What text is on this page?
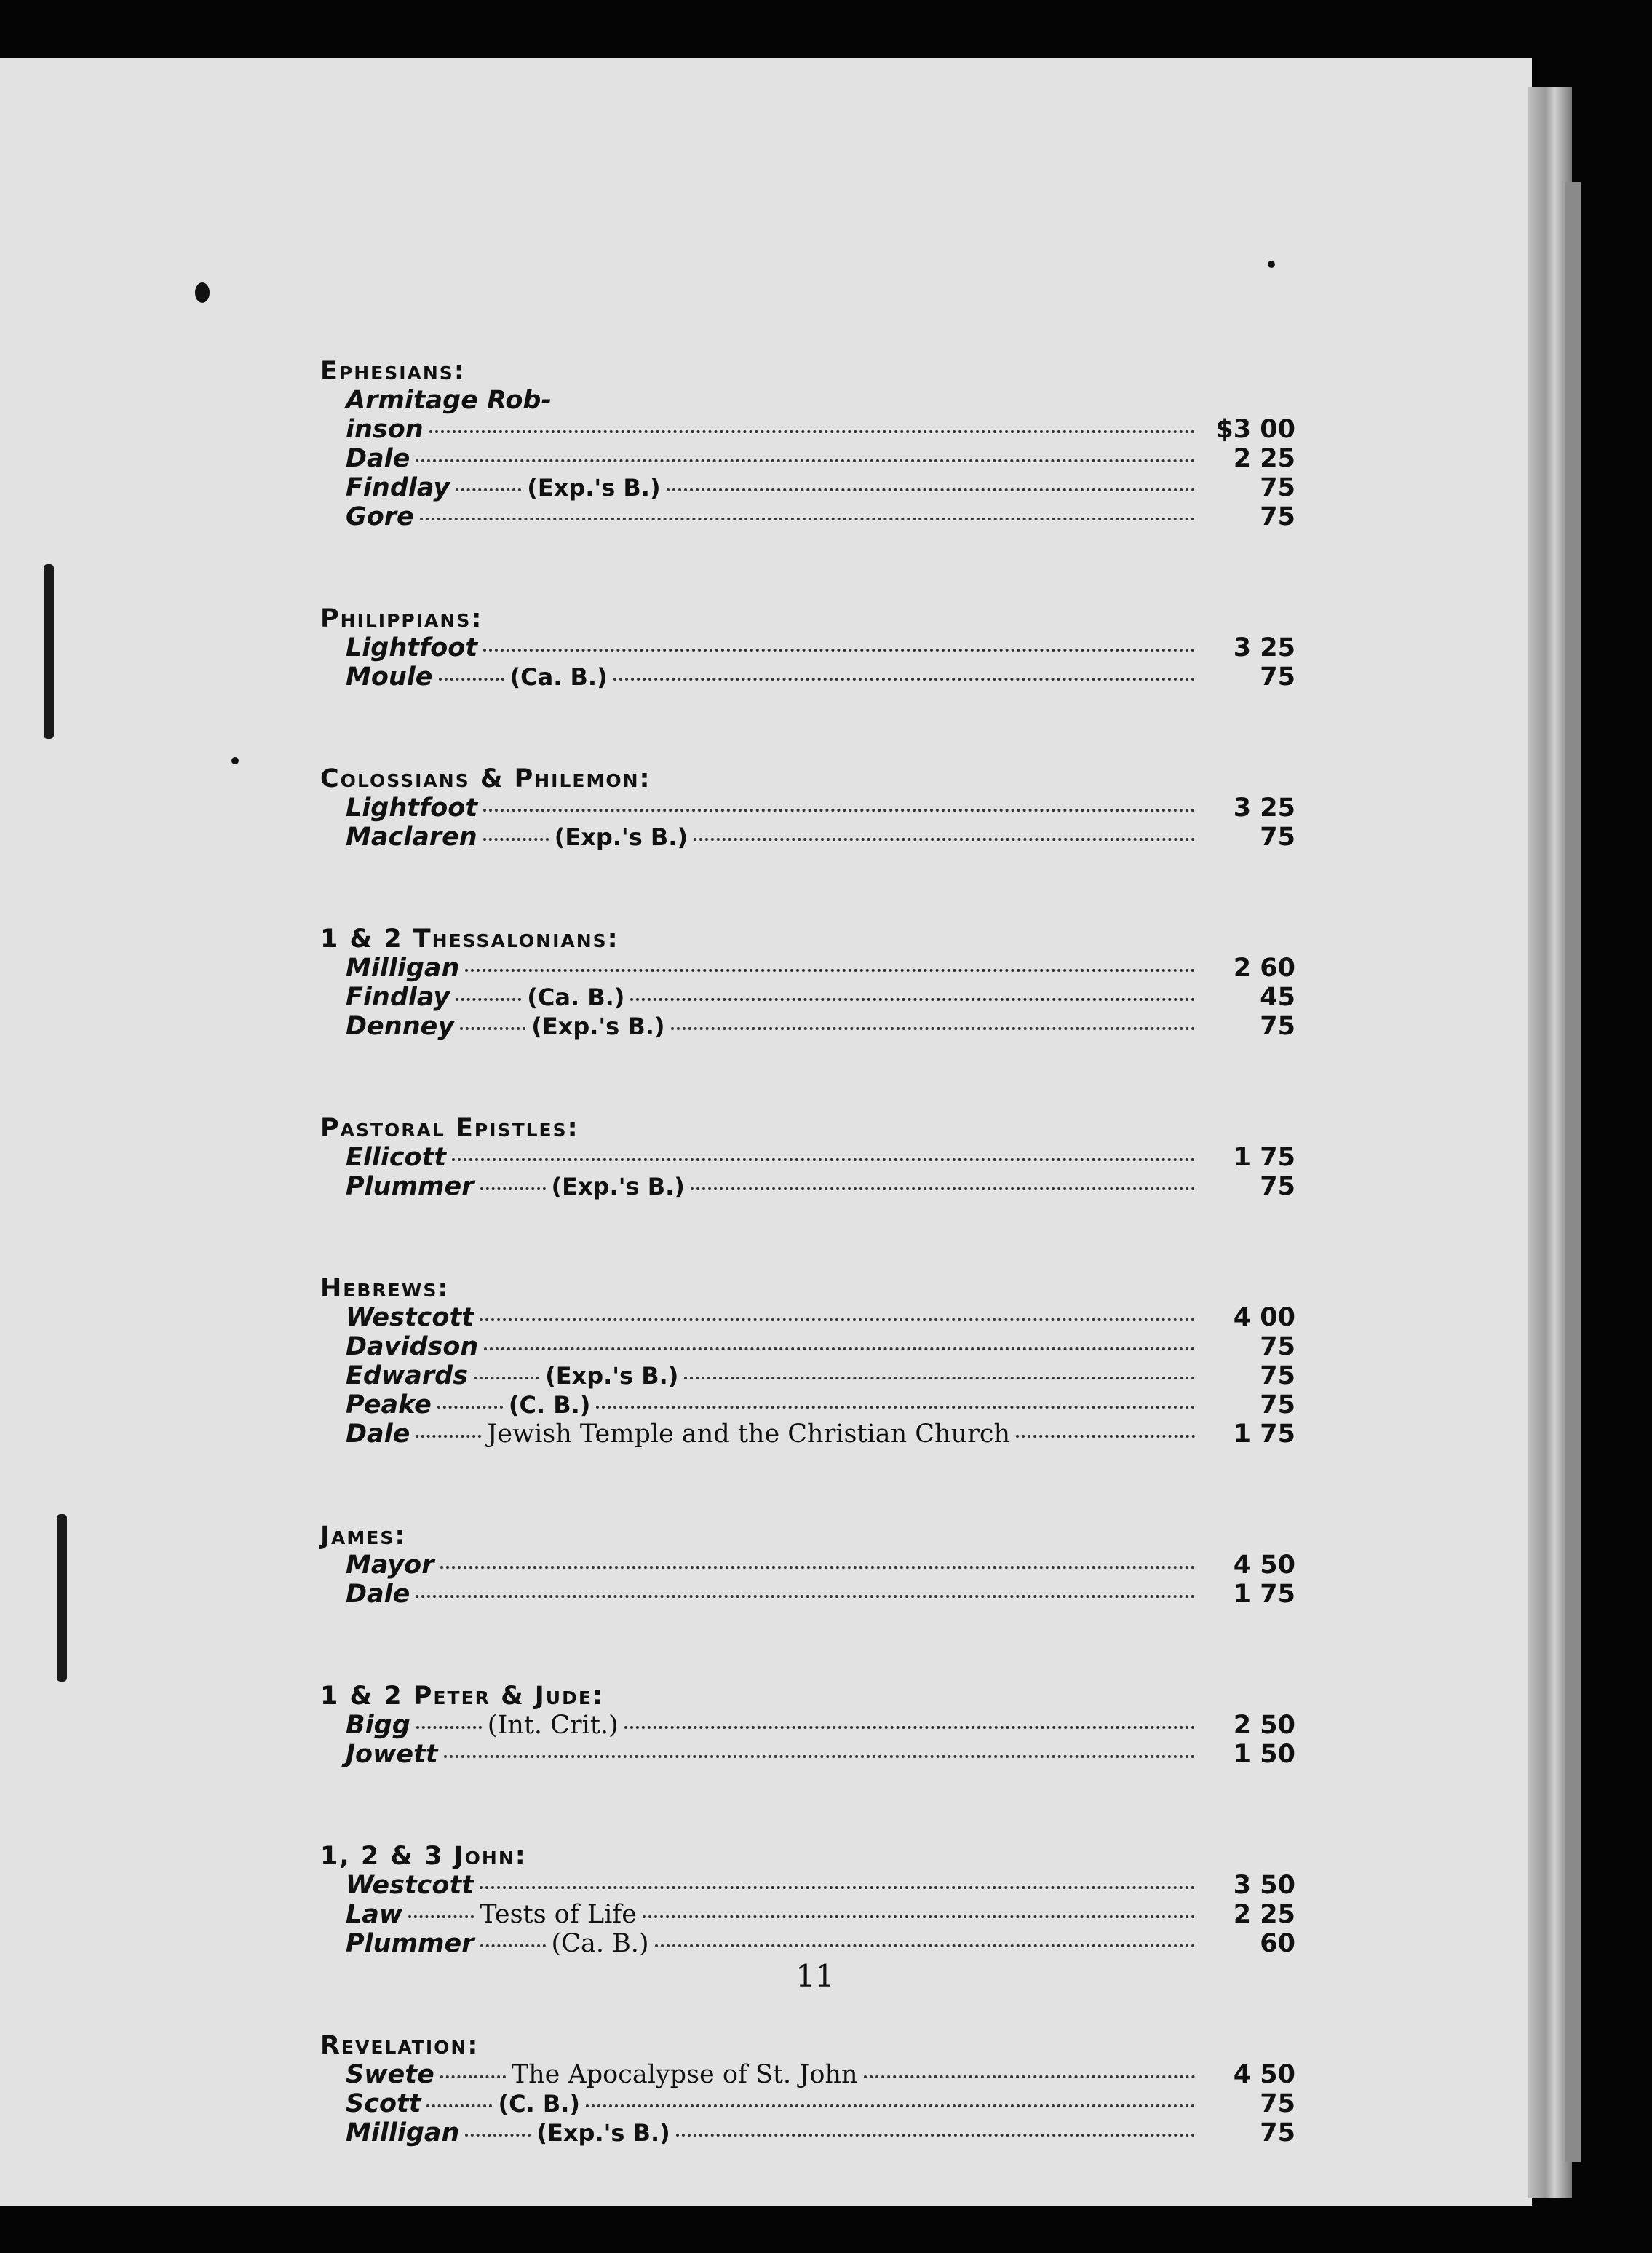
Ephesians:
Armitage Rob-
inson	$3 00
Dale	2 25
Findlay	(Exp.'s B.)	75
Gore	75
Philippians:
Lightfoot	3 25
Moule	(Ca. B.)	75
Colossians & Philemon:
Lightfoot	3 25
Maclaren	(Exp.'s B.)	75
1 & 2 Thessalonians:
Milligan	2 60
Findlay	(Ca. B.)	45
Denney	(Exp.'s B.)	75
Pastoral Epistles:
Ellicott	1 75
Plummer	(Exp.'s B.)	75
Hebrews:
Westcott	4 00
Davidson	75
Edwards	(Exp.'s B.)	75
Peake	(C. B.)	75
Dale	Jewish Temple and the Christian Church	1 75
James:
Mayor	4 50
Dale	1 75
1 & 2 Peter & Jude:
Bigg	(Int. Crit.)	2 50
Jowett	1 50
1, 2 & 3 John:
Westcott	3 50
Law	Tests of Life	2 25
Plummer	(Ca. B.)	60
Revelation:
Swete	The Apocalypse of St. John	4 50
Scott	(C. B.)	75
Milligan	(Exp.'s B.)	75
11
